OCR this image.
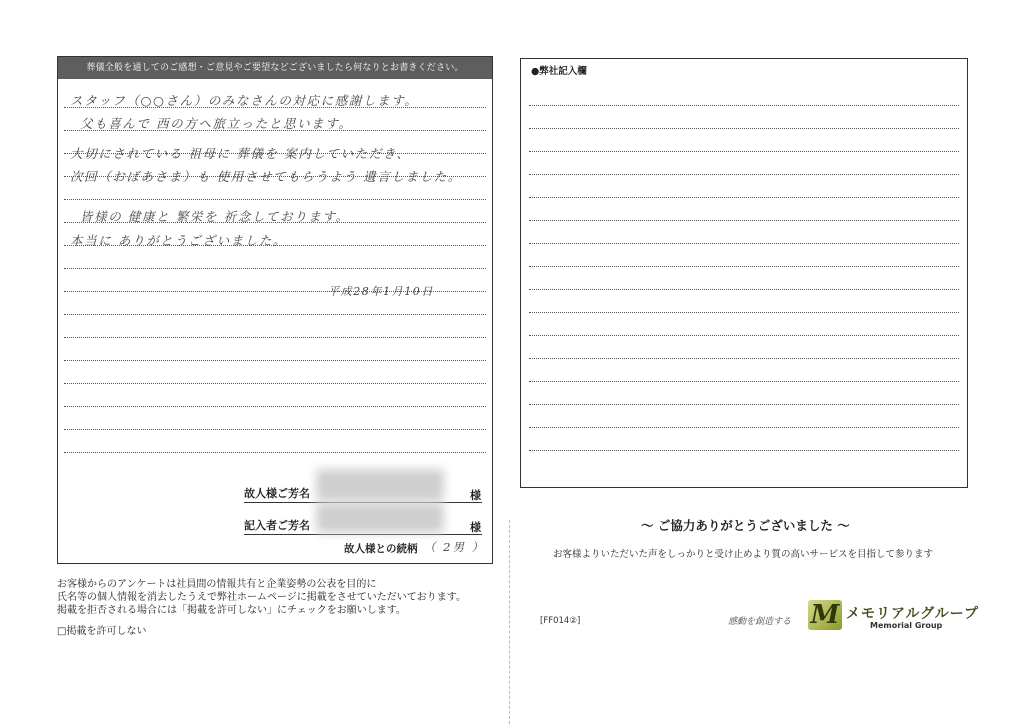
葬儀全般を通してのご感想・ご意見やご要望などございましたら何なりとお書きください。
スタッフ（○○さん）のみなさんの対応に感謝します。
父も喜んで 西の方へ旅立ったと思います。
大切にされている 祖母に 葬儀を 案内していただき、
次回（おばあさま）も 使用させてもらうよう 遺言しました。
皆様の 健康と 繁栄を 祈念しております。
本当に ありがとうございました。
平成28年1月10日
故人様ご芳名	様
記入者ご芳名	様
故人様との続柄 （ 2男 ）
お客様からのアンケートは社員間の情報共有と企業姿勢の公表を目的に
氏名等の個人情報を消去したうえで弊社ホームページに掲載をさせていただいております。
掲載を拒否される場合には「掲載を許可しない」にチェックをお願いします。
□掲載を許可しない
●弊社記入欄
～ ご協力ありがとうございました ～
お客様よりいただいた声をしっかりと受け止めより質の高いサービスを目指して参ります
[FF014②]	感動を創造する M メモリアルグループ
Memorial Group
